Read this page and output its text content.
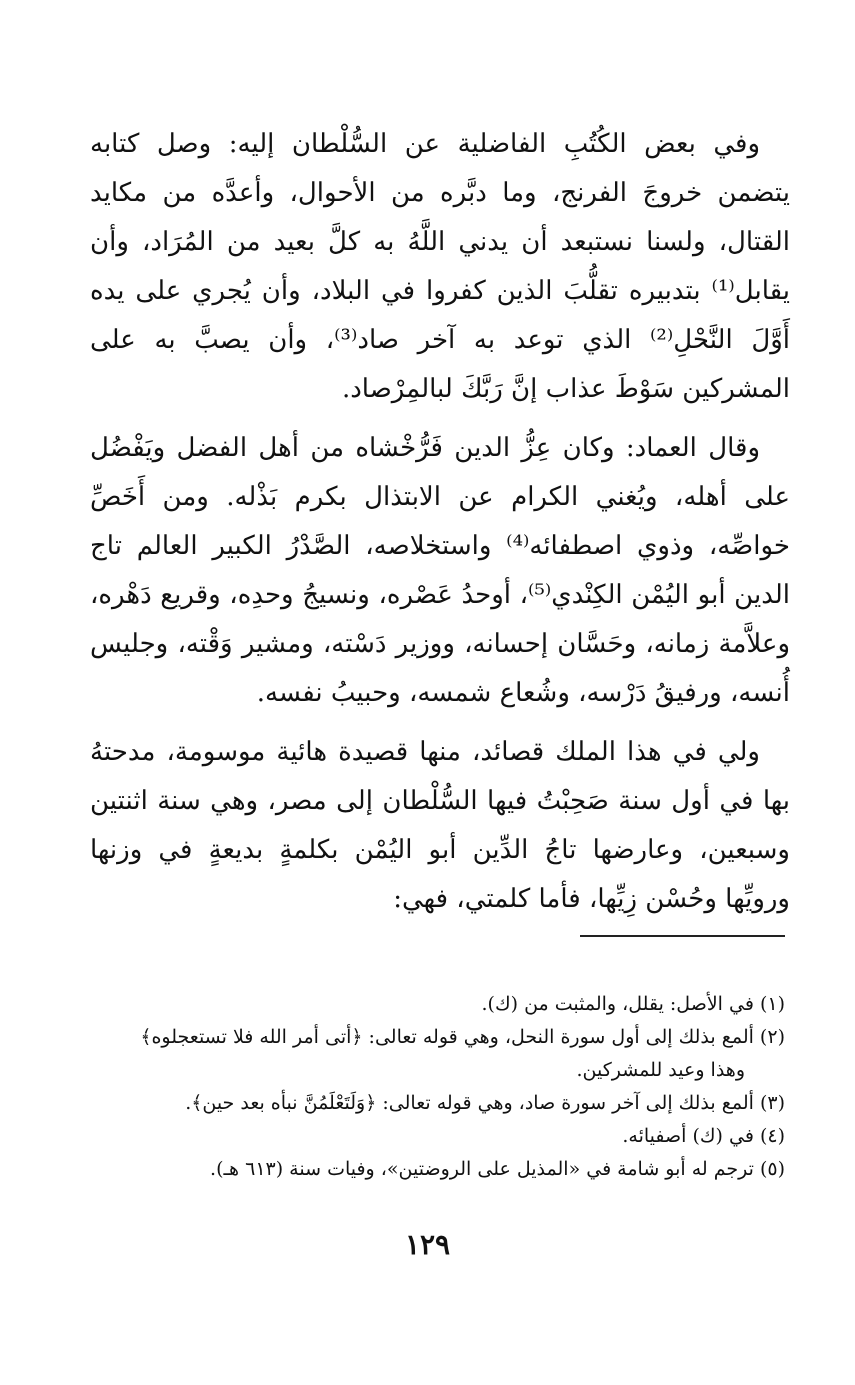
وفي بعض الكُتُبِ الفاضلية عن السُّلْطان إليه: وصل كتابه يتضمن خروجَ الفرنج، وما دبَّره من الأحوال، وأعدَّه من مكايد القتال، ولسنا نستبعد أن يدني اللَّهُ به كلَّ بعيد من المُرَاد، وأن يقابل⁽¹⁾ بتدبيره تقلُّبَ الذين كفروا في البلاد، وأن يُجري على يده أَوَّلَ النَّحْلِ⁽²⁾ الذي توعد به آخر صاد⁽³⁾، وأن يصبَّ به على المشركين سَوْطَ عذاب إنَّ رَبَّكَ لبالمِرْصاد.

وقال العماد: وكان عِزُّ الدين فَرُّخْشاه من أهل الفضل ويَفْضُل على أهله، ويُغني الكرام عن الابتذال بكرم بَذْله. ومن أَخَصِّ خواصِّه، وذوي اصطفائه⁽⁴⁾ واستخلاصه، الصَّدْرُ الكبير العالم تاج الدين أبو اليُمْن الكِنْدي⁽⁵⁾، أوحدُ عَصْره، ونسيجُ وحدِه، وقريع دَهْره، وعلاَّمة زمانه، وحَسَّان إحسانه، ووزير دَسْته، ومشير وَقْته، وجليس أُنسه، ورفيقُ دَرْسه، وشُعاع شمسه، وحبيبُ نفسه.

ولي في هذا الملك قصائد، منها قصيدة هائية موسومة، مدحتهُ بها في أول سنة صَحِبْتُ فيها السُّلْطان إلى مصر، وهي سنة اثنتين وسبعين، وعارضها تاجُ الدِّين أبو اليُمْن بكلمةٍ بديعةٍ في وزنها ورويِّها وحُسْن زِيِّها، فأما كلمتي، فهي:

(١) في الأصل: يقلل، والمثبت من (ك).

(٢) ألمع بذلك إلى أول سورة النحل، وهي قوله تعالى: ﴿أتى أمر الله فلا تستعجلوه﴾

وهذا وعيد للمشركين.

(٣) ألمع بذلك إلى آخر سورة صاد، وهي قوله تعالى: ﴿وَلَتَعْلَمُنَّ نبأه بعد حين﴾.

(٤) في (ك) أصفيائه.

(٥) ترجم له أبو شامة في «المذيل على الروضتين»، وفيات سنة (٦١٣ هـ).

١٢٩
